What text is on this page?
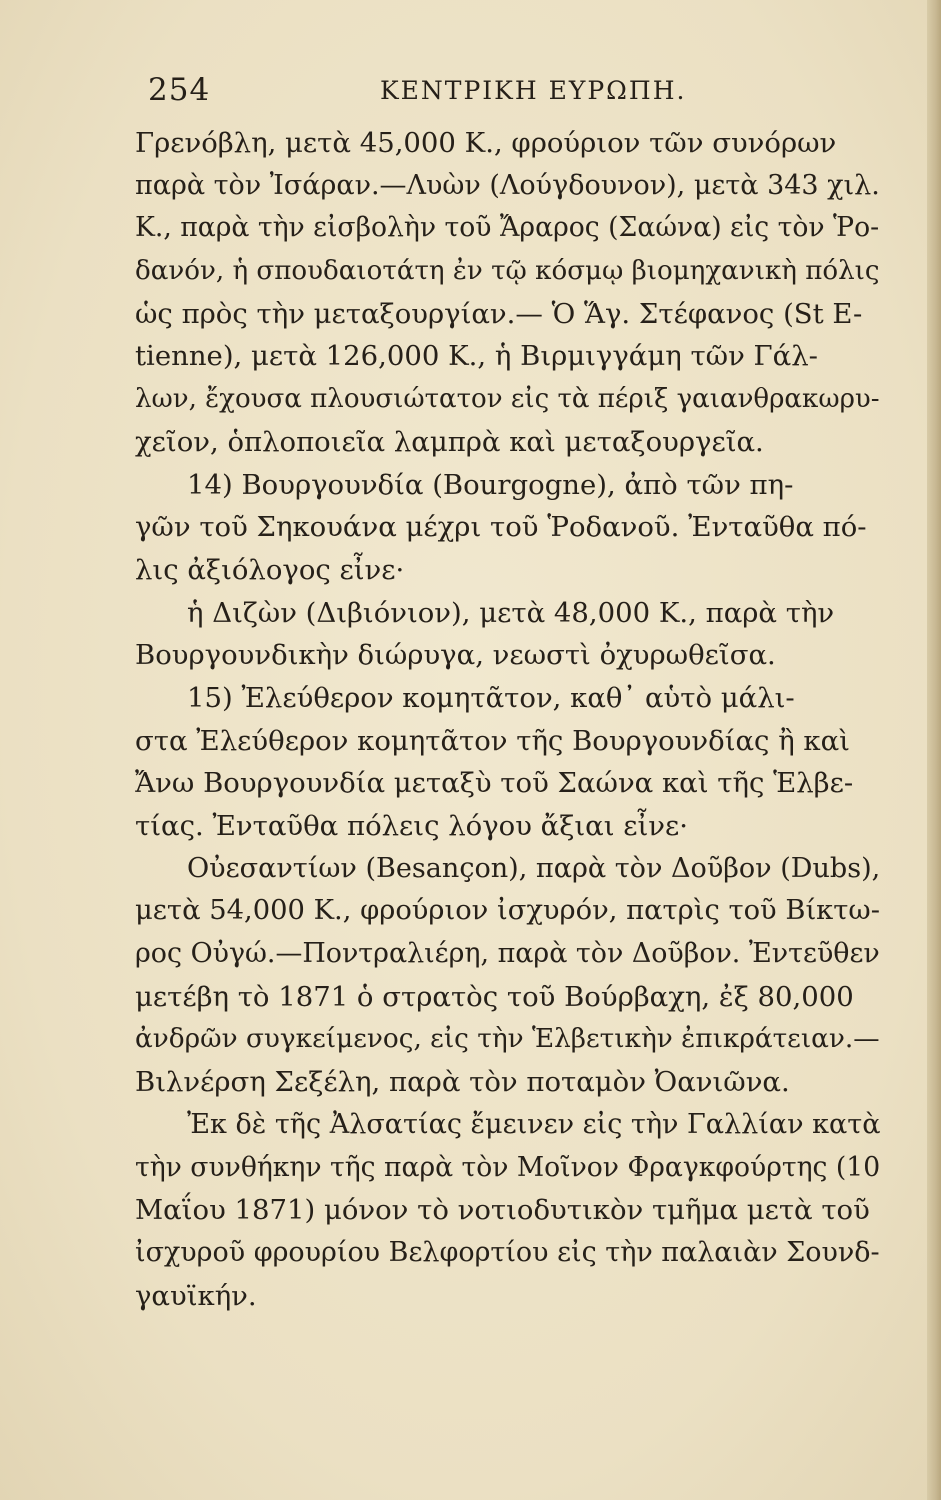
254	ΚΕΝΤΡΙΚΗ ΕΥΡΩΠΗ.
Γρενόβλη, μετὰ 45,000 Κ., φρούριον τῶν συνόρων
παρὰ τὸν Ἰσάραν.—Λυὼν (Λούγδουνον), μετὰ 343 χιλ.
Κ., παρὰ τὴν εἰσβολὴν τοῦ Ἄραρος (Σαώνα) εἰς τὸν Ῥο-
δανόν, ἡ σπουδαιοτάτη ἐν τῷ κόσμῳ βιομηχανικὴ πόλις
ὡς πρὸς τὴν μεταξουργίαν.— Ὁ Ἅγ. Στέφανος (St E-
tienne), μετὰ 126,000 Κ., ἡ Βιρμιγγάμη τῶν Γάλ-
λων, ἔχουσα πλουσιώτατον εἰς τὰ πέριξ γαιανθρακωρυ-
χεῖον, ὁπλοποιεῖα λαμπρὰ καὶ μεταξουργεῖα.
14) Βουργουνδία (Bourgogne), ἀπὸ τῶν πη-
γῶν τοῦ Σηκουάνα μέχρι τοῦ Ῥοδανοῦ. Ἐνταῦθα πό-
λις ἀξιόλογος εἶνε·
ἡ Διζὼν (Διβιόνιον), μετὰ 48,000 Κ., παρὰ τὴν
Βουργουνδικὴν διώρυγα, νεωστὶ ὀχυρωθεῖσα.
15) Ἐλεύθερον κομητᾶτον, καθ᾽ αὑτὸ μάλι-
στα Ἐλεύθερον κομητᾶτον τῆς Βουργουνδίας ἢ καὶ
Ἄνω Βουργουνδία μεταξὺ τοῦ Σαώνα καὶ τῆς Ἑλβε-
τίας. Ἐνταῦθα πόλεις λόγου ἄξιαι εἶνε·
Οὐεσαντίων (Besançon), παρὰ τὸν Δοῦβον (Dubs),
μετὰ 54,000 Κ., φρούριον ἰσχυρόν, πατρὶς τοῦ Βίκτω-
ρος Οὐγώ.—Ποντραλιέρη, παρὰ τὸν Δοῦβον. Ἐντεῦθεν
μετέβη τὸ 1871 ὁ στρατὸς τοῦ Βούρβαχη, ἐξ 80,000
ἀνδρῶν συγκείμενος, εἰς τὴν Ἑλβετικὴν ἐπικράτειαν.—
Βιλνέρση Σεξέλη, παρὰ τὸν ποταμὸν Ὀανιῶνα.
Ἐκ δὲ τῆς Ἀλσατίας ἔμεινεν εἰς τὴν Γαλλίαν κατὰ
τὴν συνθήκην τῆς παρὰ τὸν Μοῖνον Φραγκφούρτης (10
Μαΐου 1871) μόνον τὸ νοτιοδυτικὸν τμῆμα μετὰ τοῦ
ἰσχυροῦ φρουρίου Βελφορτίου εἰς τὴν παλαιὰν Σουνδ-
γαυϊκήν.
